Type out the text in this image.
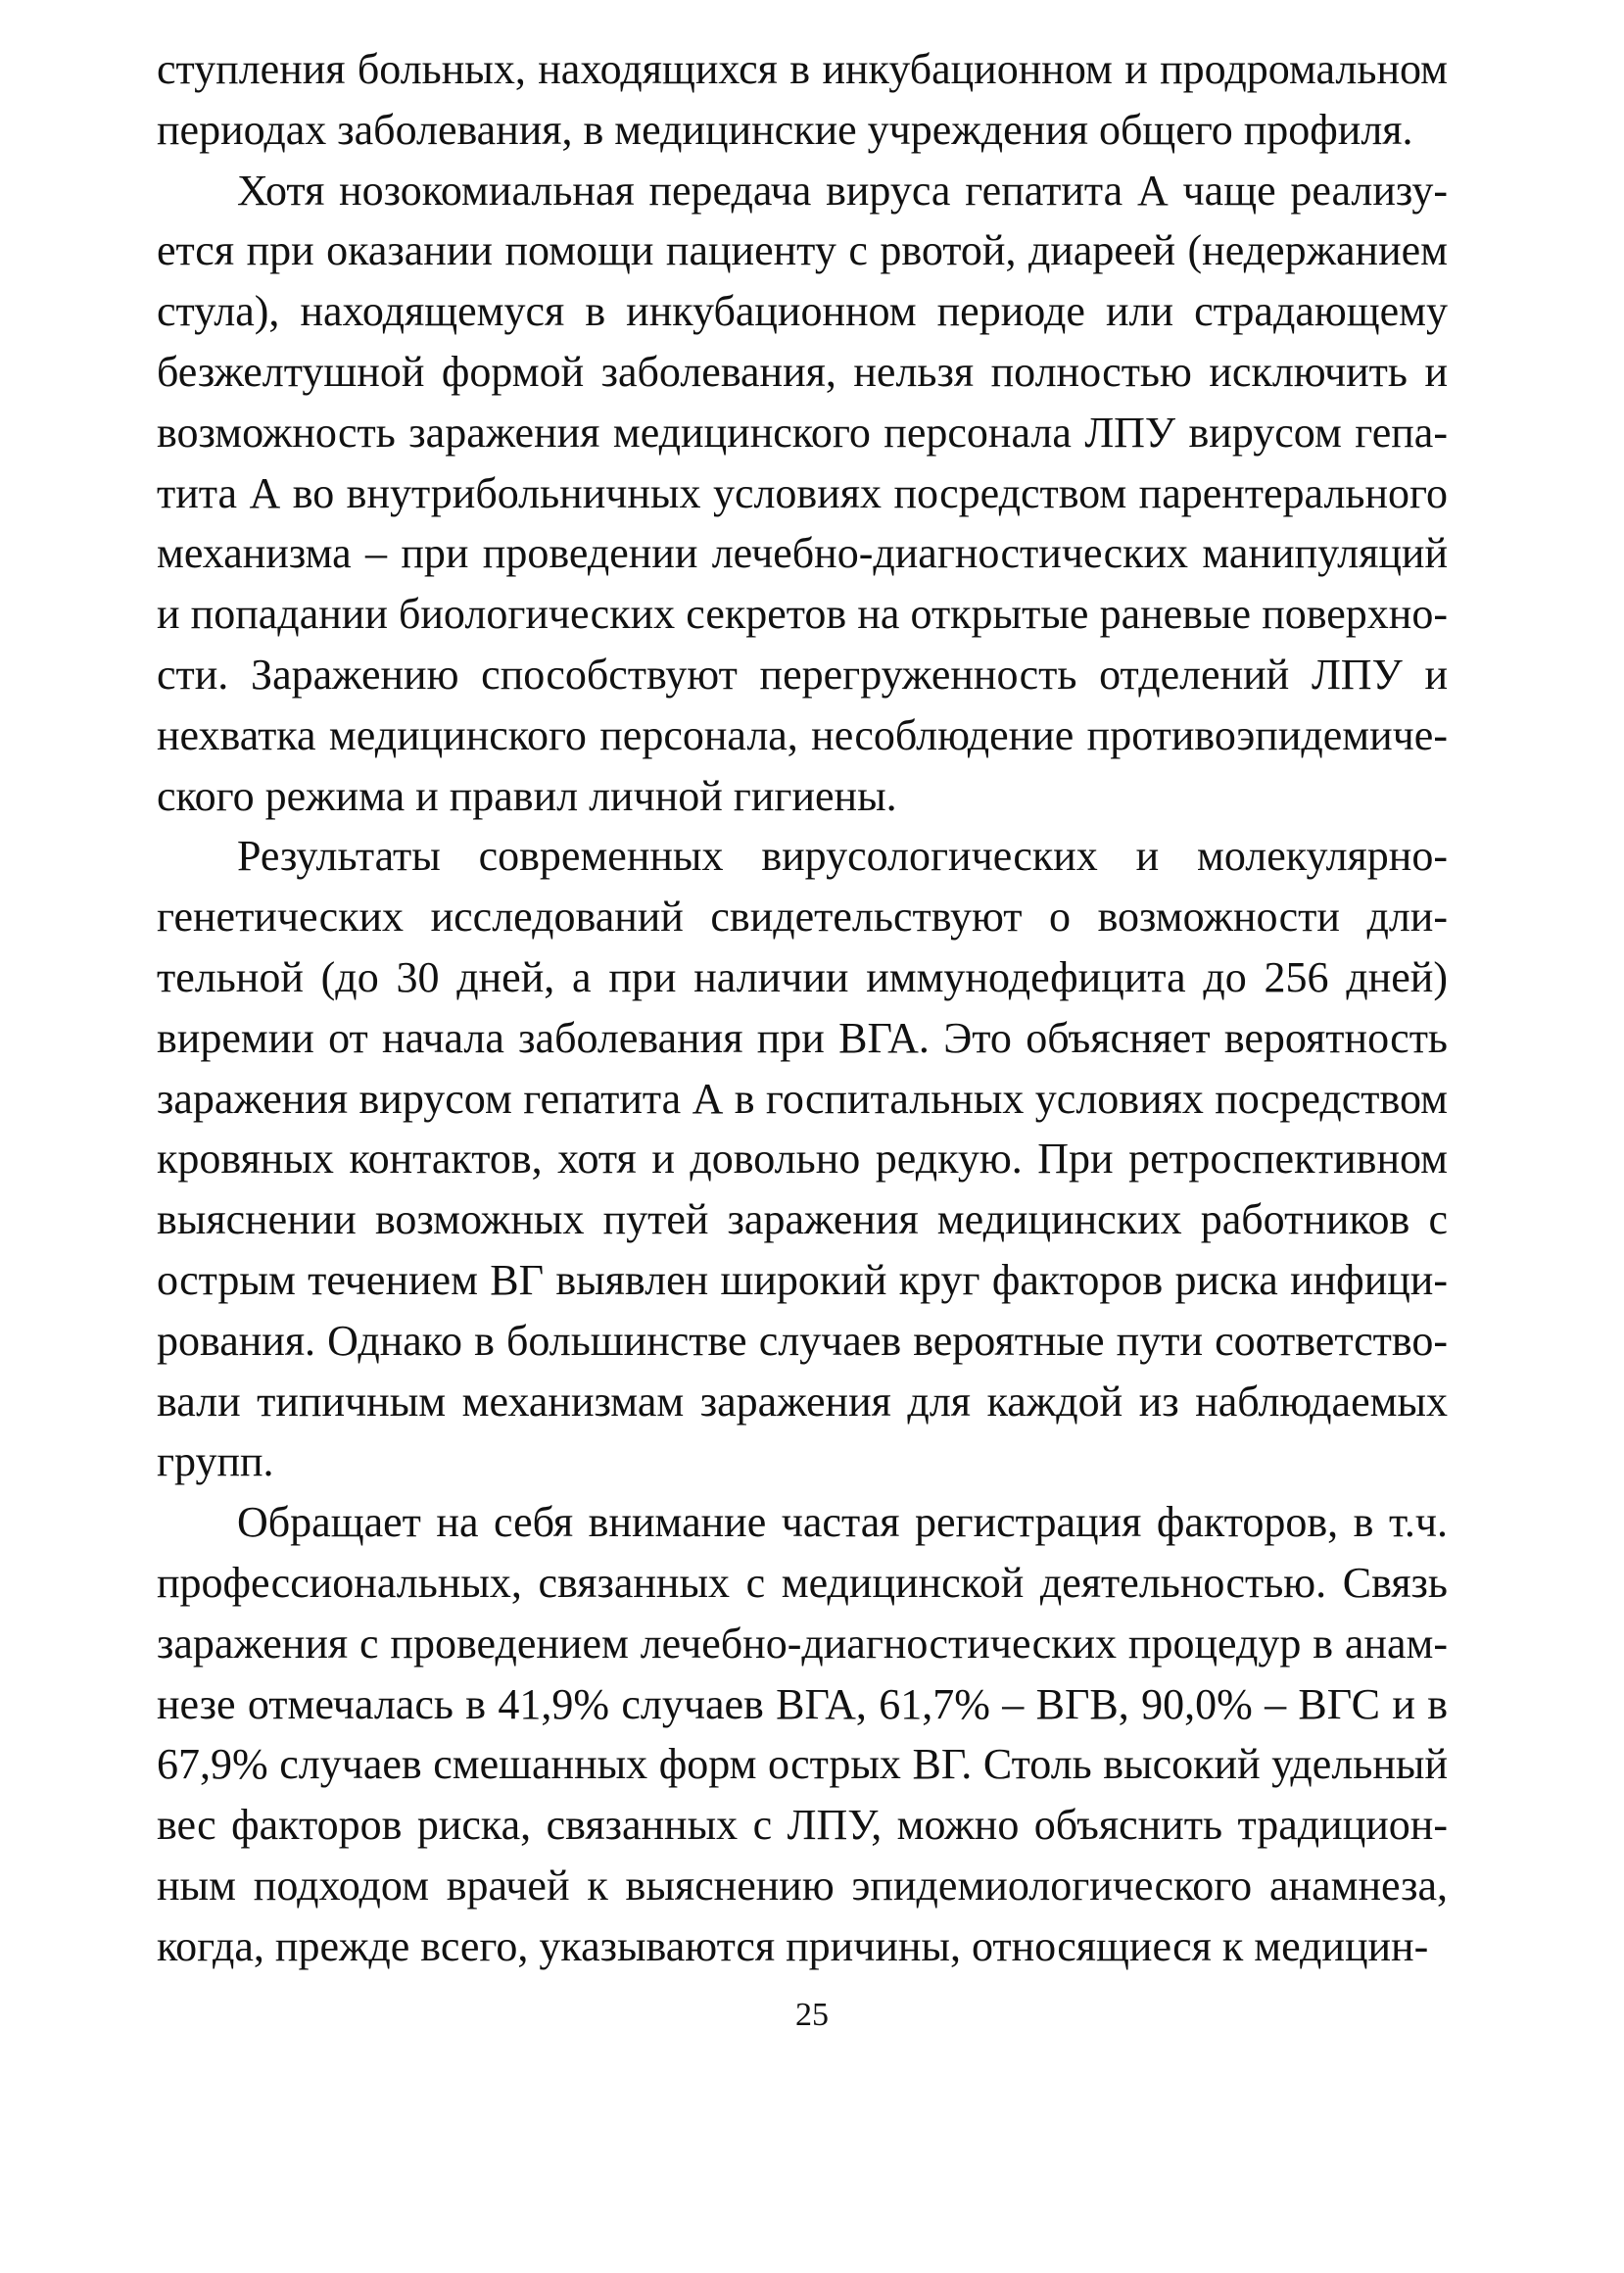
ступления больных, находящихся в инкубационном и продромальном периодах заболевания, в медицинские учреждения общего профиля.

Хотя нозокомиальная передача вируса гепатита А чаще реализуется при оказании помощи пациенту с рвотой, диареей (недержанием стула), находящемуся в инкубационном периоде или страдающему безжелтушной формой заболевания, нельзя полностью исключить и возможность заражения медицинского персонала ЛПУ вирусом гепатита А во внутрибольничных условиях посредством парентерального механизма – при проведении лечебно-диагностических манипуляций и попадании биологических секретов на открытые раневые поверхности. Заражению способствуют перегруженность отделений ЛПУ и нехватка медицинского персонала, несоблюдение противоэпидемического режима и правил личной гигиены.

Результаты современных вирусологических и молекулярно-генетических исследований свидетельствуют о возможности длительной (до 30 дней, а при наличии иммунодефицита до 256 дней) виремии от начала заболевания при ВГА. Это объясняет вероятность заражения вирусом гепатита А в госпитальных условиях посредством кровяных контактов, хотя и довольно редкую. При ретроспективном выяснении возможных путей заражения медицинских работников с острым течением ВГ выявлен широкий круг факторов риска инфицирования. Однако в большинстве случаев вероятные пути соответствовали типичным механизмам заражения для каждой из наблюдаемых групп.

Обращает на себя внимание частая регистрация факторов, в т.ч. профессиональных, связанных с медицинской деятельностью. Связь заражения с проведением лечебно-диагностических процедур в анамнезе отмечалась в 41,9% случаев ВГА, 61,7% – ВГВ, 90,0% – ВГС и в 67,9% случаев смешанных форм острых ВГ. Столь высокий удельный вес факторов риска, связанных с ЛПУ, можно объяснить традиционным подходом врачей к выяснению эпидемиологического анамнеза, когда, прежде всего, указываются причины, относящиеся к медицин-

25
